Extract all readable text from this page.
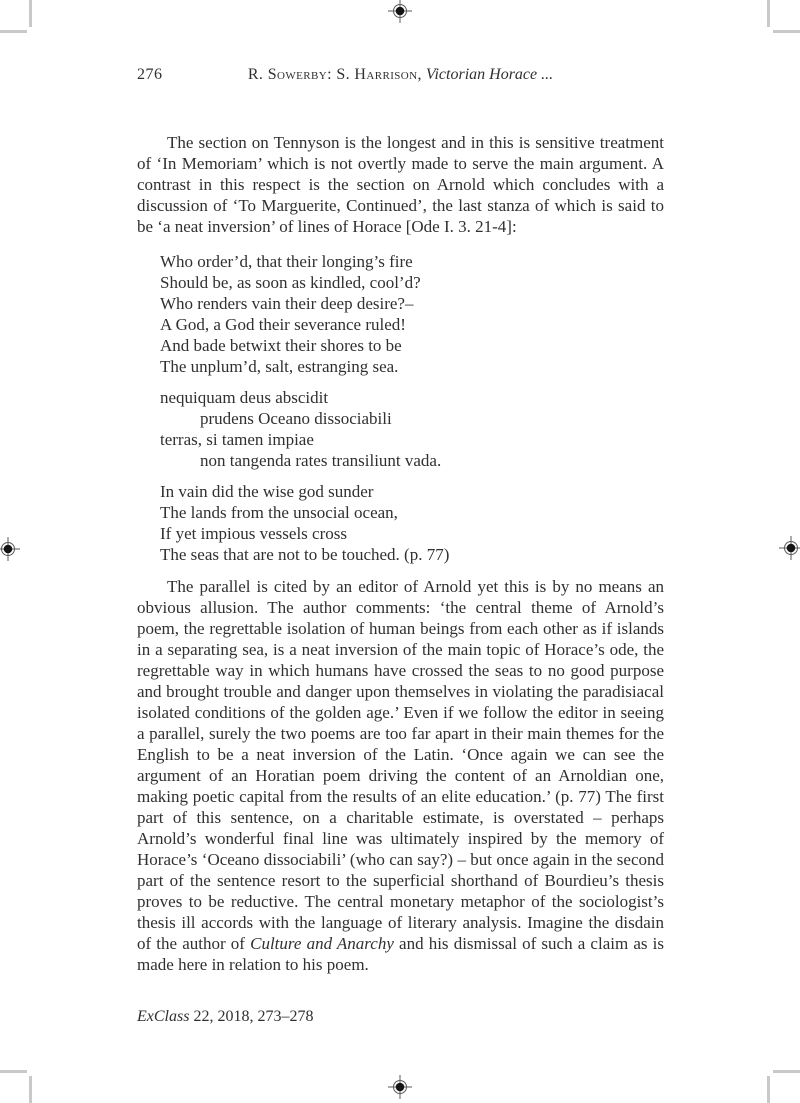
276	R. Sowerby: S. Harrison, Victorian Horace ...

The section on Tennyson is the longest and in this is sensitive treatment of ‘In Memoriam’ which is not overtly made to serve the main argument. A contrast in this respect is the section on Arnold which concludes with a discussion of ‘To Marguerite, Continued’, the last stanza of which is said to be ‘a neat inversion’ of lines of Horace [Ode I. 3. 21-4]:

Who order’d, that their longing’s fire
Should be, as soon as kindled, cool’d?
Who renders vain their deep desire?–
A God, a God their severance ruled!
And bade betwixt their shores to be
The unplum’d, salt, estranging sea.
nequiquam deus abscidit
prudens Oceano dissociabili
terras, si tamen impiae
non tangenda rates transiliunt vada.
In vain did the wise god sunder
The lands from the unsocial ocean,
If yet impious vessels cross
The seas that are not to be touched. (p. 77)

The parallel is cited by an editor of Arnold yet this is by no means an obvious allusion. The author comments: ‘the central theme of Arnold’s poem, the regrettable isolation of human beings from each other as if islands in a separating sea, is a neat inversion of the main topic of Horace’s ode, the regrettable way in which humans have crossed the seas to no good purpose and brought trouble and danger upon themselves in violating the paradisiacal isolated conditions of the golden age.’ Even if we follow the editor in seeing a parallel, surely the two poems are too far apart in their main themes for the English to be a neat inversion of the Latin. ‘Once again we can see the argument of an Horatian poem driving the content of an Arnoldian one, making poetic capital from the results of an elite education.’ (p. 77) The first part of this sentence, on a charitable estimate, is overstated – perhaps Arnold’s wonderful final line was ultimately inspired by the memory of Horace’s ‘Oceano dissociabili’ (who can say?) – but once again in the second part of the sentence resort to the superficial shorthand of Bourdieu’s thesis proves to be reductive. The central monetary metaphor of the sociologist’s thesis ill accords with the language of literary analysis. Imagine the disdain of the author of Culture and Anarchy and his dismissal of such a claim as is made here in relation to his poem.

ExClass 22, 2018, 273–278
